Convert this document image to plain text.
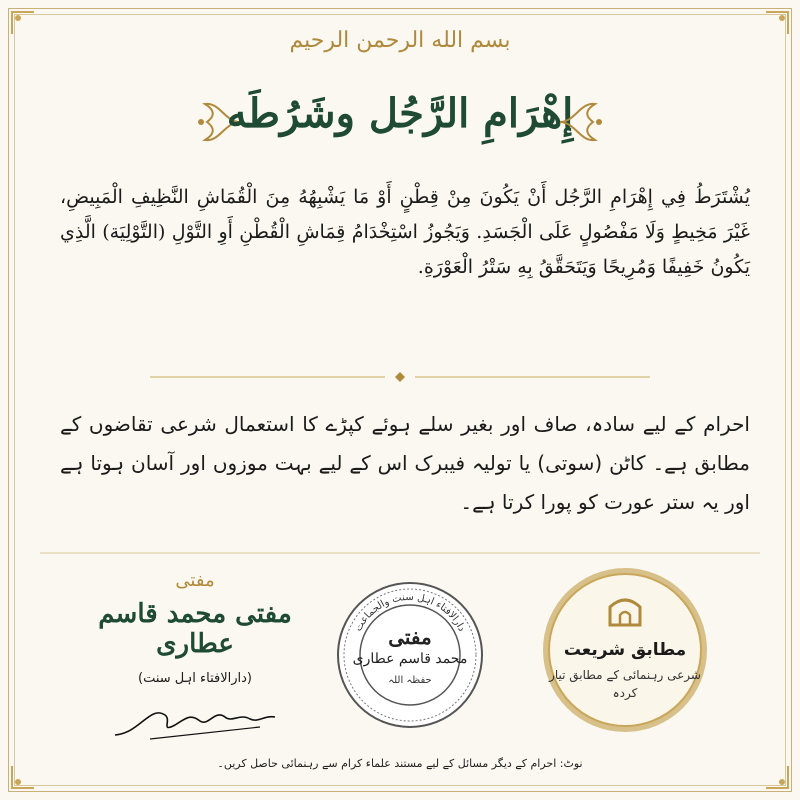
بسم الله الرحمن الرحيم
إِهْرَامِ الرَّجُل وشَرُطَه

يُشْتَرَطُ فِي إِهْرَامِ الرَّجُل أَنْ يَكُونَ مِنْ قِطْنٍ أَوْ مَا يَشْبِهُهُ مِنَ الْقُمَاشِ النَّظِيفِ الْمَبِيضِ، غَيْرَ مَخِيطٍ وَلَا مَفْصُولٍ عَلَى الْجَسَدِ. وَيَجُوزُ اسْتِخْدَامُ قِمَاشِ الْقُطْنِ أَوِ التَّوْلِ (التَّوْلِيَة) الَّذِي يَكُونُ خَفِيفًا وَمُرِيحًا وَيَتَحَقَّقُ بِهِ سَتْرُ الْعَوْرَةِ.

احرام کے لیے سادہ، صاف اور بغیر سلے ہوئے کپڑے کا استعمال شرعی تقاضوں کے مطابق ہے۔ کاٹن (سوتی) یا تولیہ فیبرک اس کے لیے بہت موزوں اور آسان ہوتا ہے اور یہ ستر عورت کو پورا کرتا ہے۔

مفتی
مفتی محمد قاسم عطاری
(دارالافتاء اہل سنت)
دارالافتاء اہل سنت والجماعت
مفتی
محمد قاسم عطاری
حفظہ اللہ
مطابق شریعت
شرعی رہنمائی کے مطابق تیار کردہ
نوٹ: احرام کے دیگر مسائل کے لیے مستند علماء کرام سے رہنمائی حاصل کریں۔
